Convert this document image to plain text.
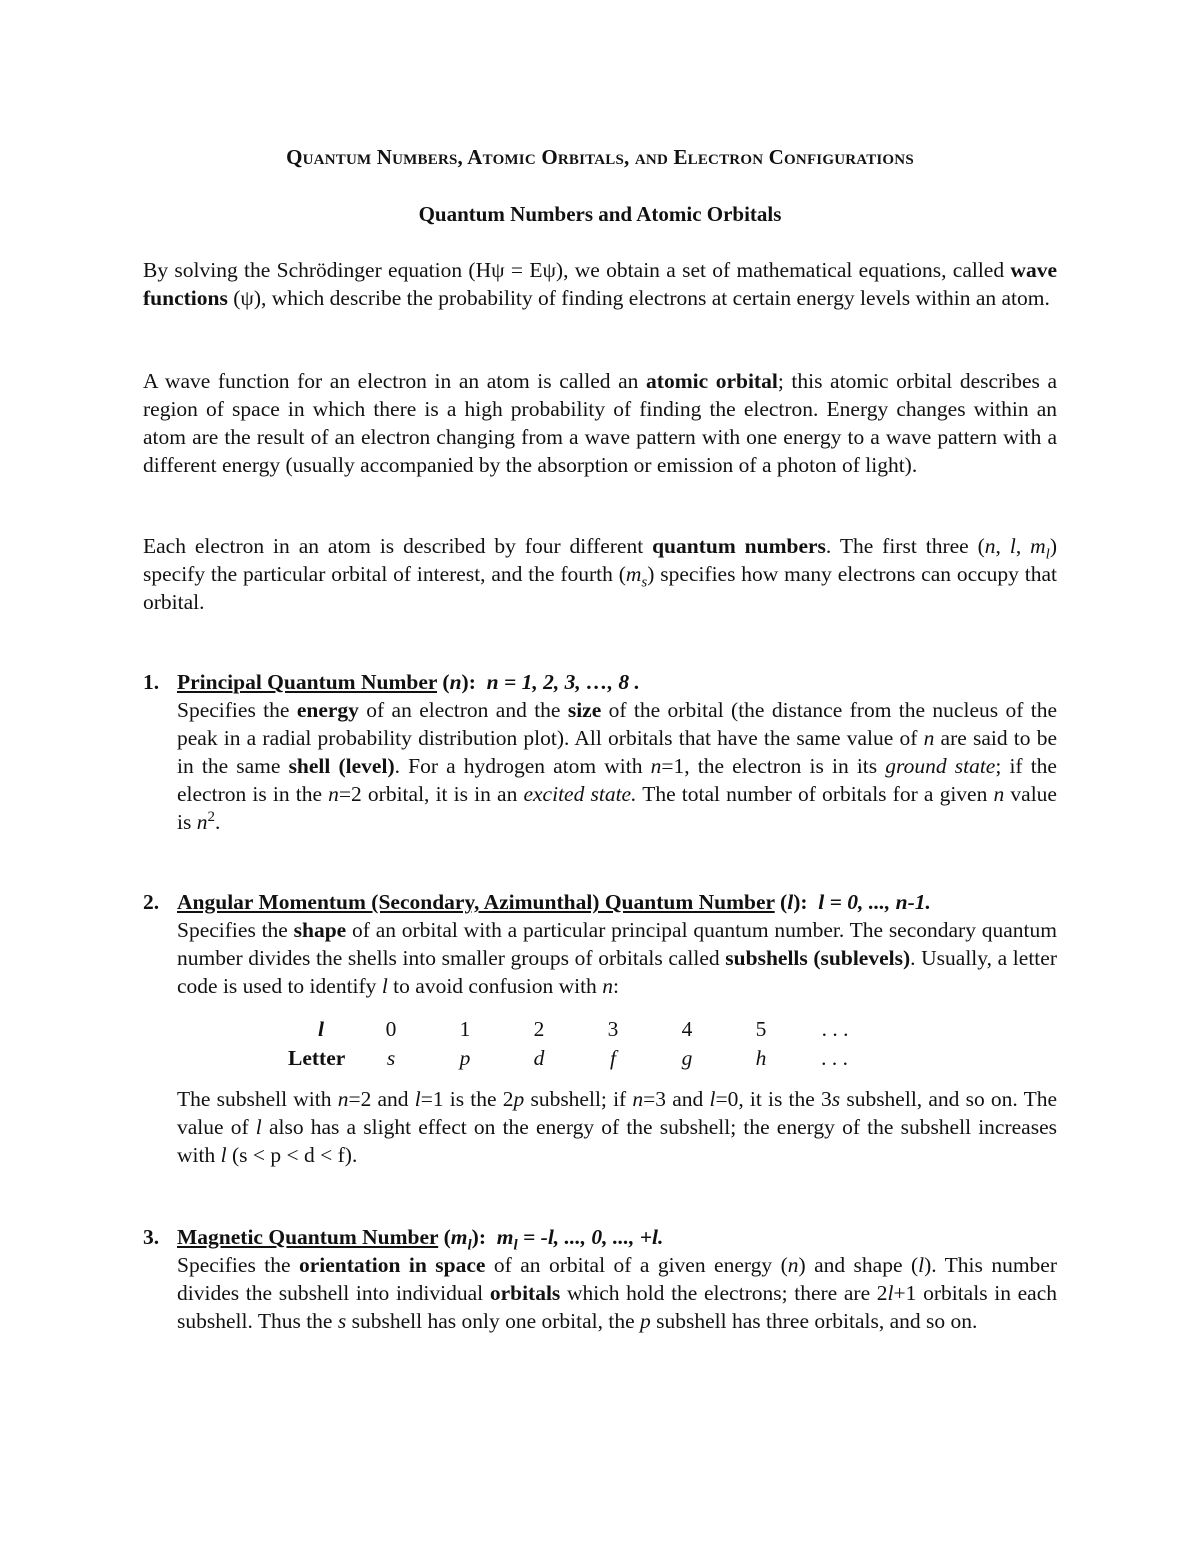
Quantum Numbers, Atomic Orbitals, and Electron Configurations
Quantum Numbers and Atomic Orbitals

By solving the Schrödinger equation (Hψ = Eψ), we obtain a set of mathematical equations, called wave functions (ψ), which describe the probability of finding electrons at certain energy levels within an atom.

A wave function for an electron in an atom is called an atomic orbital; this atomic orbital describes a region of space in which there is a high probability of finding the electron. Energy changes within an atom are the result of an electron changing from a wave pattern with one energy to a wave pattern with a different energy (usually accompanied by the absorption or emission of a photon of light).

Each electron in an atom is described by four different quantum numbers. The first three (n, l, $m_l$) specify the particular orbital of interest, and the fourth $(m_s)$ specifies how many electrons can occupy that orbital.

1. Principal Quantum Number (n):  n = 1, 2, 3, …, 8 .
Specifies the energy of an electron and the size of the orbital (the distance from the nucleus of the peak in a radial probability distribution plot). All orbitals that have the same value of n are said to be in the same shell (level). For a hydrogen atom with n=1, the electron is in its ground state; if the electron is in the n=2 orbital, it is in an excited state. The total number of orbitals for a given n value is $n^2$.
2. Angular Momentum (Secondary, Azimunthal) Quantum Number (l):  l = 0, ..., n-1.
Specifies the shape of an orbital with a particular principal quantum number. The secondary quantum number divides the shells into smaller groups of orbitals called subshells (sublevels). Usually, a letter code is used to identify l to avoid confusion with n:
l	0	1	2	3	4	5	. . .
Letter	s	p	d	f	g	h	. . .
The subshell with n=2 and l=1 is the 2p subshell; if n=3 and l=0, it is the 3s subshell, and so on. The value of l also has a slight effect on the energy of the subshell; the energy of the subshell increases with l (s < p < d < f).
3. Magnetic Quantum Number $(m_l)$:  $m_l = -l$, ..., 0, ..., +l.
Specifies the orientation in space of an orbital of a given energy (n) and shape (l). This number divides the subshell into individual orbitals which hold the electrons; there are 2l+1 orbitals in each subshell. Thus the s subshell has only one orbital, the p subshell has three orbitals, and so on.
